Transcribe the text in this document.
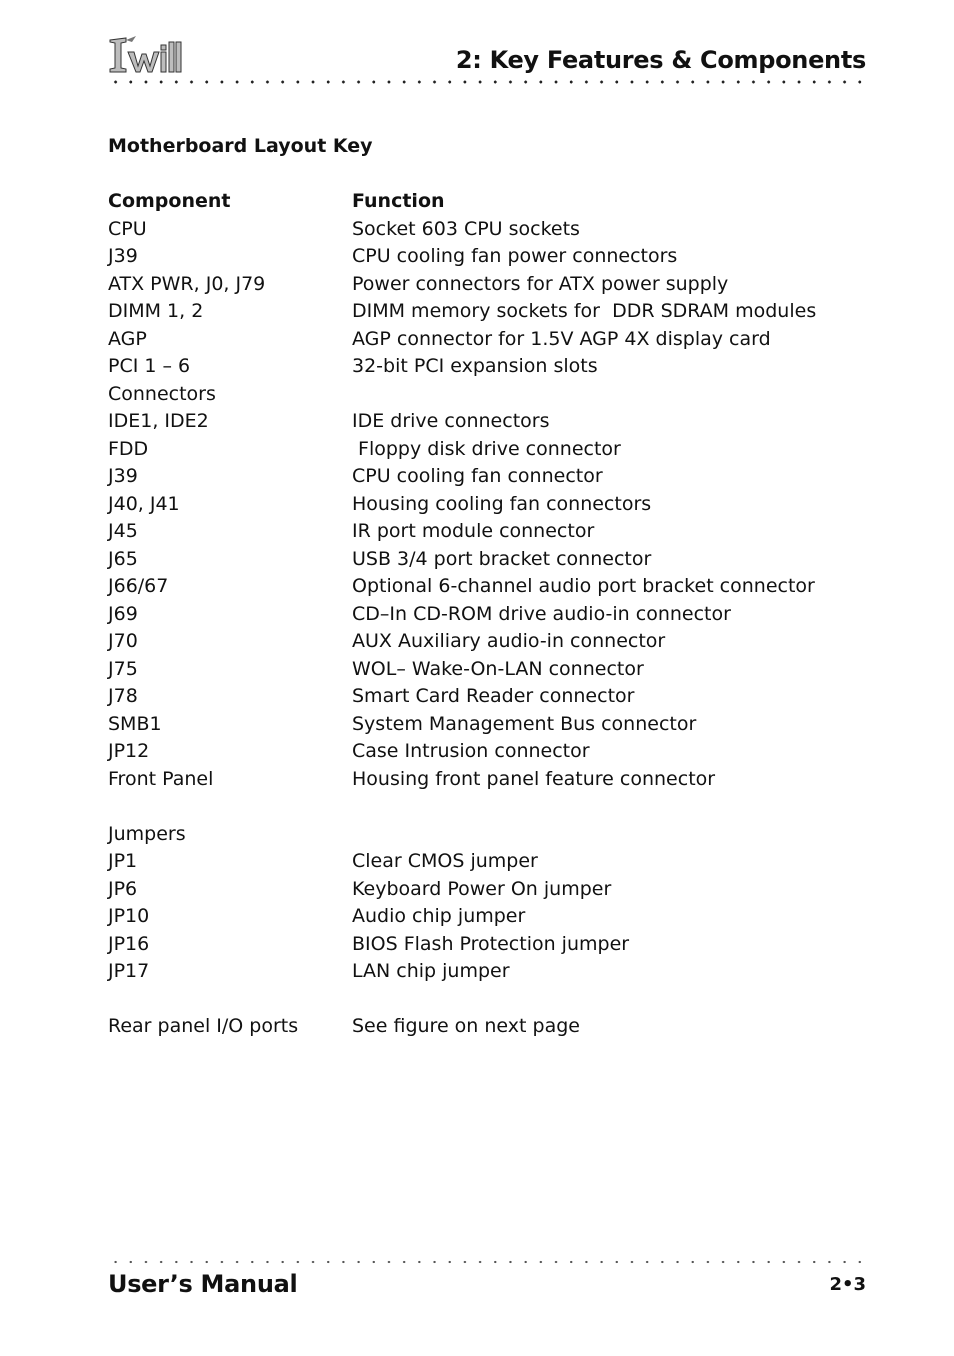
2: Key Features & Components
Motherboard Layout Key
Component	Function
CPU	Socket 603 CPU sockets
J39	CPU cooling fan power connectors
ATX PWR, J0, J79	Power connectors for ATX power supply
DIMM 1, 2	DIMM memory sockets for  DDR SDRAM modules
AGP	AGP connector for 1.5V AGP 4X display card
PCI 1 – 6	32-bit PCI expansion slots
Connectors	
IDE1, IDE2	IDE drive connectors
FDD	Floppy disk drive connector
J39	CPU cooling fan connector
J40, J41	Housing cooling fan connectors
J45	IR port module connector
J65	USB 3/4 port bracket connector
J66/67	Optional 6-channel audio port bracket connector
J69	CD–In CD-ROM drive audio-in connector
J70	AUX Auxiliary audio-in connector
J75	WOL– Wake-On-LAN connector
J78	Smart Card Reader connector
SMB1	System Management Bus connector
JP12	Case Intrusion connector
Front Panel	Housing front panel feature connector

Jumpers	
JP1	Clear CMOS jumper
JP6	Keyboard Power On jumper
JP10	Audio chip jumper
JP16	BIOS Flash Protection jumper
JP17	LAN chip jumper

Rear panel I/O ports	See figure on next page
User’s Manual	2•3
